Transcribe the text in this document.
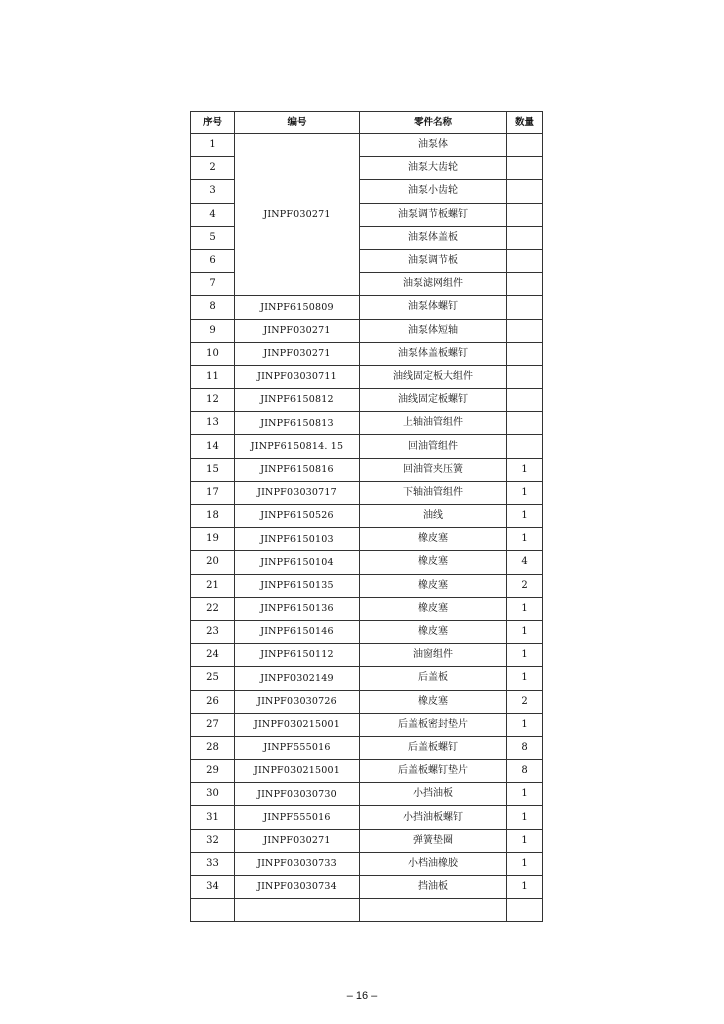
序号	编号	零件名称	数量
1	JINPF030271	油泵体	
2		油泵大齿轮	
3		油泵小齿轮	
4		油泵调节板螺钉	
5		油泵体盖板	
6		油泵调节板	
7		油泵滤网组件	
8	JINPF6150809	油泵体螺钉	
9	JINPF030271	油泵体短轴	
10	JINPF030271	油泵体盖板螺钉	
11	JINPF03030711	油线固定板大组件	
12	JINPF6150812	油线固定板螺钉	
13	JINPF6150813	上轴油管组件	
14	JINPF6150814. 15	回油管组件	
15	JINPF6150816	回油管夹压簧	1
17	JINPF03030717	下轴油管组件	1
18	JINPF6150526	油线	1
19	JINPF6150103	橡皮塞	1
20	JINPF6150104	橡皮塞	4
21	JINPF6150135	橡皮塞	2
22	JINPF6150136	橡皮塞	1
23	JINPF6150146	橡皮塞	1
24	JINPF6150112	油窗组件	1
25	JINPF0302149	后盖板	1
26	JINPF03030726	橡皮塞	2
27	JINPF030215001	后盖板密封垫片	1
28	JINPF555016	后盖板螺钉	8
29	JINPF030215001	后盖板螺钉垫片	8
30	JINPF03030730	小挡油板	1
31	JINPF555016	小挡油板螺钉	1
32	JINPF030271	弹簧垫圈	1
33	JINPF03030733	小档油橡胶	1
34	JINPF03030734	挡油板	1

– 16 –
